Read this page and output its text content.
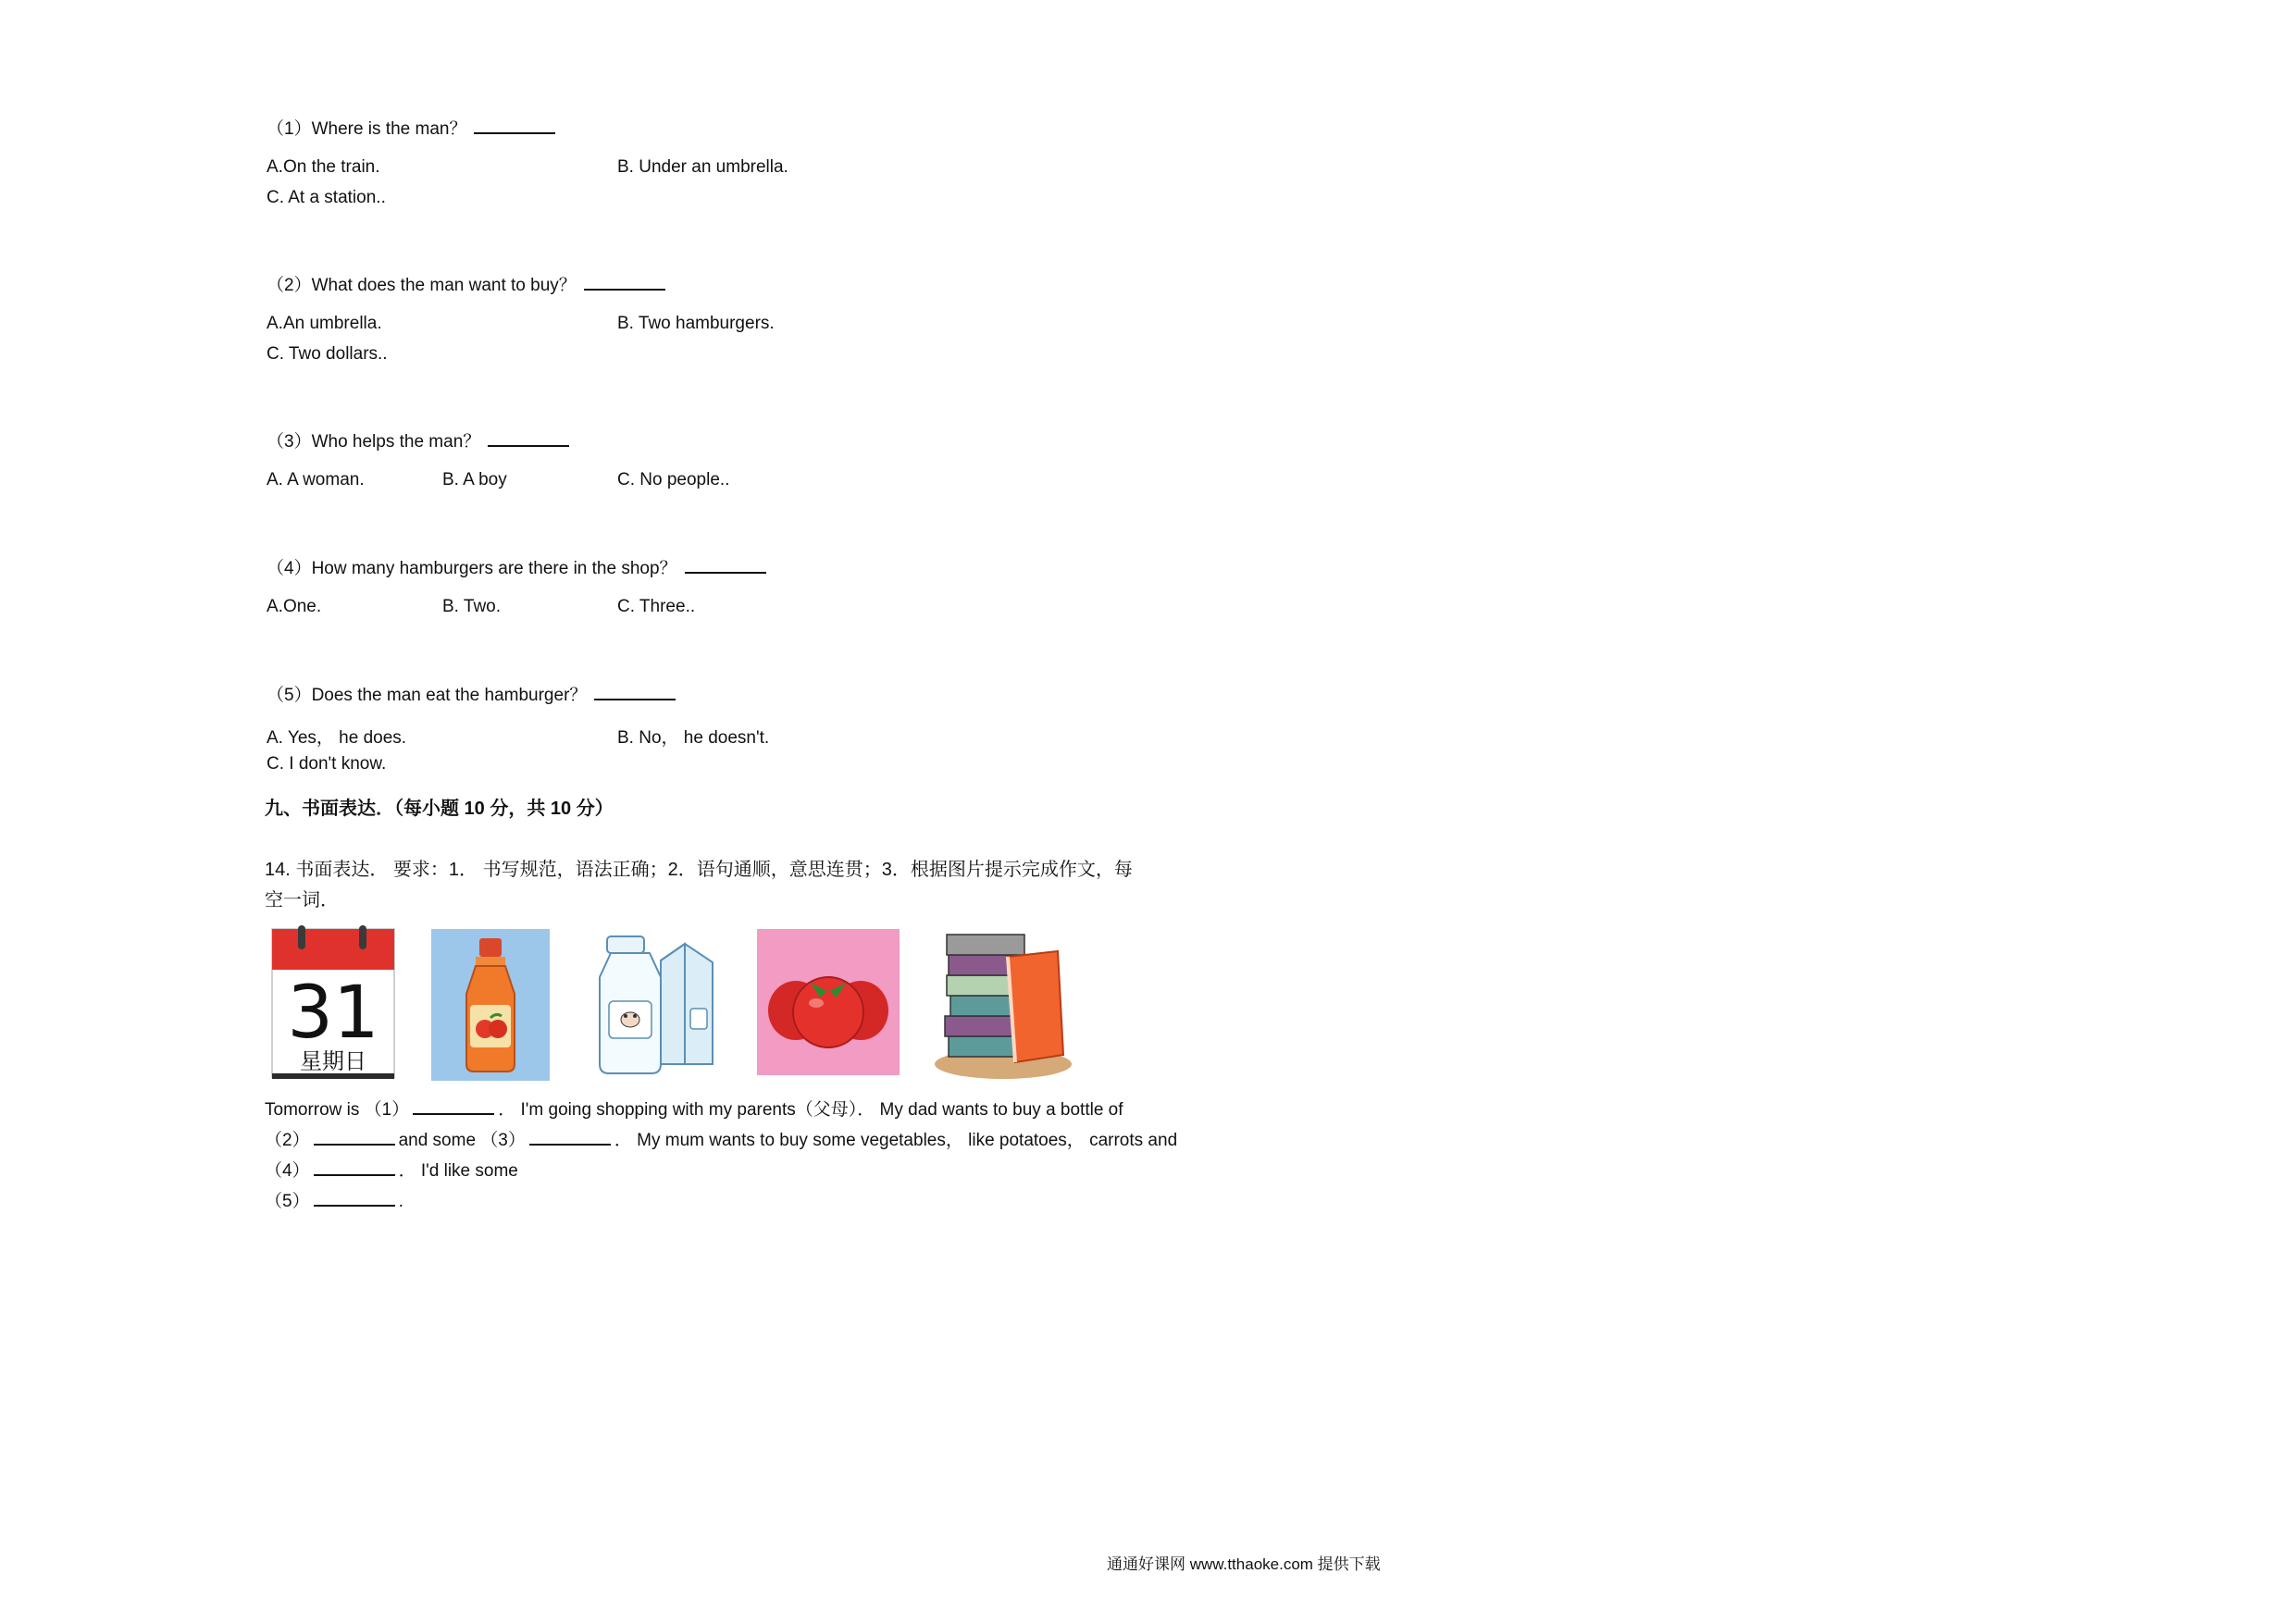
（1）Where is the man？
A.On the train.	B. Under an umbrella.
C. At a station..
（2）What does the man want to buy？
A.An umbrella.	B. Two hamburgers.
C. Two dollars..
（3）Who helps the man？
A. A woman.	B. A boy	C. No people..
（4）How many hamburgers are there in the shop？
A.One.	B. Two.	C. Three..
（5）Does the man eat the hamburger？
A. Yes， he does.	B. No， he doesn't.
C. I don't know.
九、书面表达．（每小题 10 分，共 10 分）
14. 书面表达． 要求：1． 书写规范，语法正确；2．语句通顺，意思连贯；3．根据图片提示完成作文，每
空一词．
31
星期日
Tomorrow is （1）	． I'm going shopping with my parents（父母）． My dad wants to buy a bottle of
（2）	and some （3）	． My mum wants to buy some vegetables， like potatoes， carrots and
（4）	． I'd like some
（5）	.
通通好课网 www.tthaoke.com 提供下载
